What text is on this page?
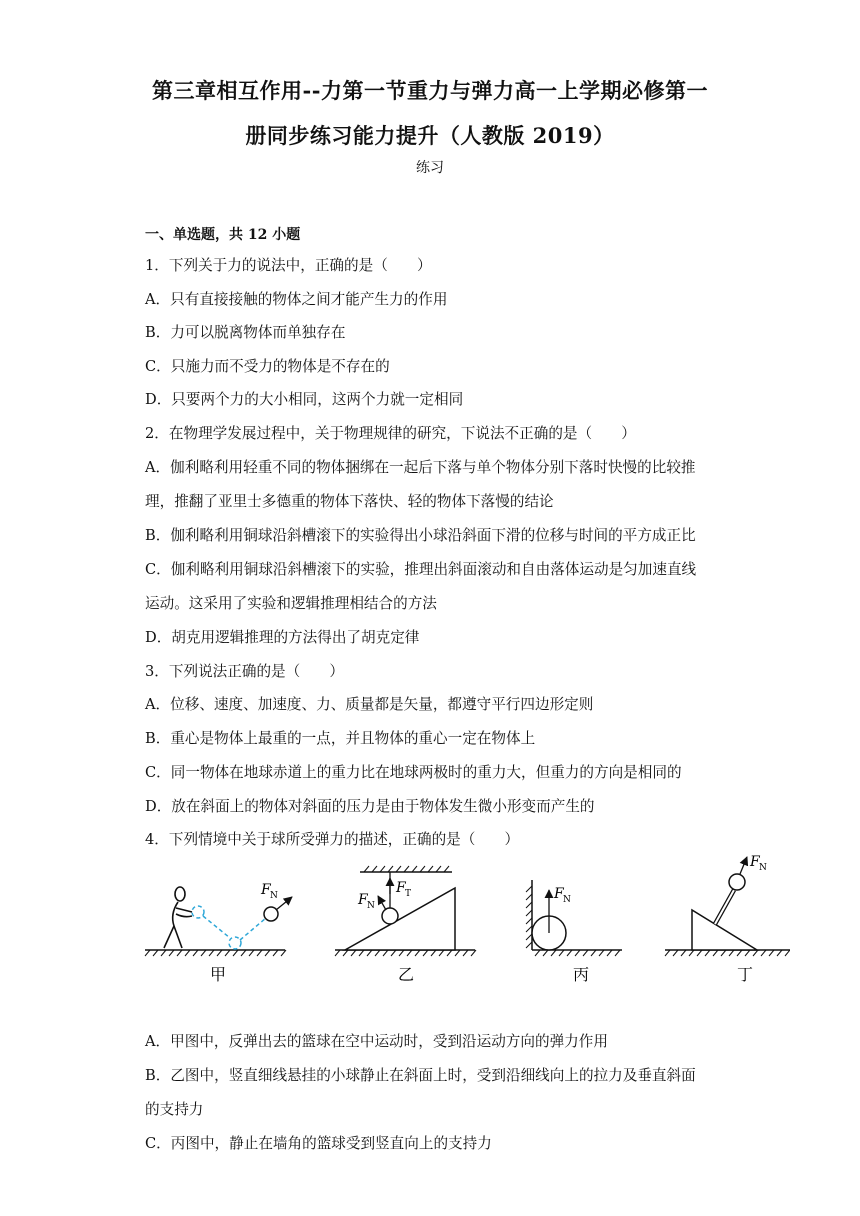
第三章相互作用--力第一节重力与弹力高一上学期必修第一
册同步练习能力提升（人教版 2019）
练习
一、单选题，共 12 小题
1．下列关于力的说法中，正确的是（　　）
A．只有直接接触的物体之间才能产生力的作用
B．力可以脱离物体而单独存在
C．只施力而不受力的物体是不存在的
D．只要两个力的大小相同，这两个力就一定相同
2．在物理学发展过程中，关于物理规律的研究，下说法不正确的是（　　）
A．伽利略利用轻重不同的物体捆绑在一起后下落与单个物体分别下落时快慢的比较推
理，推翻了亚里士多德重的物体下落快、轻的物体下落慢的结论
B．伽利略利用铜球沿斜槽滚下的实验得出小球沿斜面下滑的位移与时间的平方成正比
C．伽利略利用铜球沿斜槽滚下的实验，推理出斜面滚动和自由落体运动是匀加速直线
运动。这采用了实验和逻辑推理相结合的方法
D．胡克用逻辑推理的方法得出了胡克定律
3．下列说法正确的是（　　）
A．位移、速度、加速度、力、质量都是矢量，都遵守平行四边形定则
B．重心是物体上最重的一点，并且物体的重心一定在物体上
C．同一物体在地球赤道上的重力比在地球两极时的重力大，但重力的方向是相同的
D．放在斜面上的物体对斜面的压力是由于物体发生微小形变而产生的
4．下列情境中关于球所受弹力的描述，正确的是（　　）
F N
甲
F T
F N
乙
F N
丙
F N
丁
A．甲图中，反弹出去的篮球在空中运动时，受到沿运动方向的弹力作用
B．乙图中，竖直细线悬挂的小球静止在斜面上时，受到沿细线向上的拉力及垂直斜面
的支持力
C．丙图中，静止在墙角的篮球受到竖直向上的支持力
